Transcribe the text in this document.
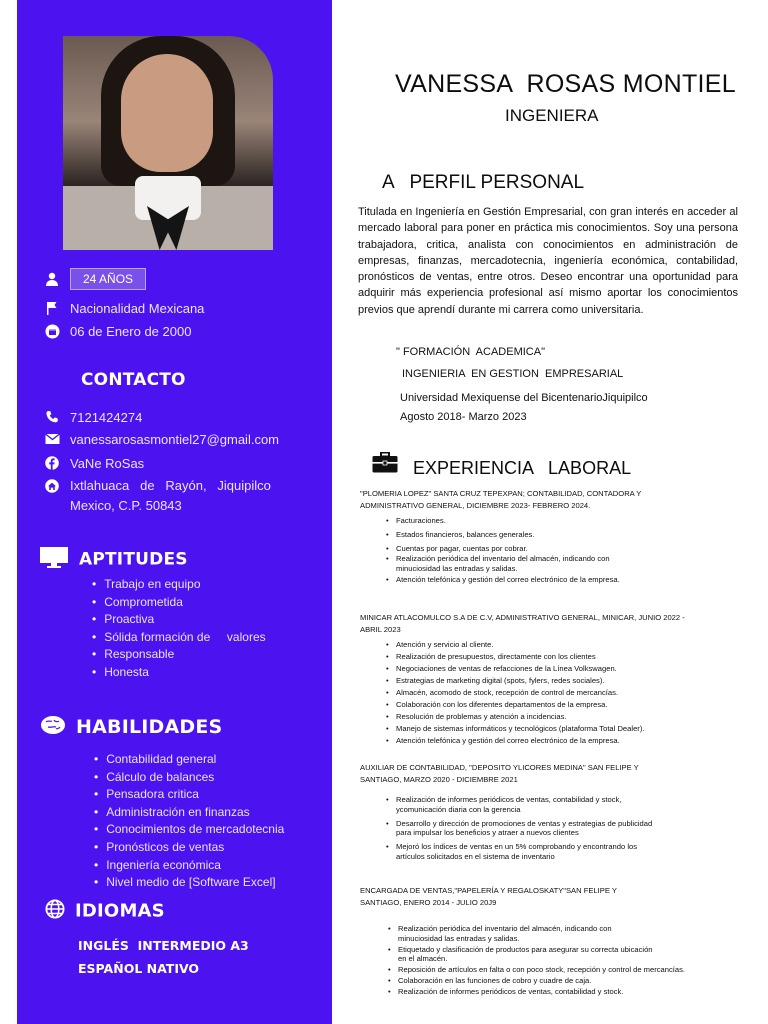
24 AÑOS
Nacionalidad Mexicana
06 de Enero de 2000
CONTACTO
7121424274
vanessarosasmontiel27@gmail.com
VaNe RoSas
Ixtlahuaca   de   Rayón,   Jiquipilco
Mexico, C.P. 50843
APTITUDES
• Trabajo en equipo
• Comprometida
• Proactiva
• Sólida formación de     valores
• Responsable
• Honesta
HABILIDADES
• Contabilidad general
• Cálculo de balances
• Pensadora critica
• Administración en finanzas
• Conocimientos de mercadotecnia
• Pronósticos de ventas
• Ingeniería económica
• Nivel medio de [Software Excel]
IDIOMAS
INGLÉS  INTERMEDIO A3
ESPAÑOL NATIVO
VANESSA  ROSAS MONTIEL
INGENIERA
A   PERFIL PERSONAL
Titulada en Ingeniería en Gestión Empresarial, con gran interés en acceder al mercado laboral para poner en práctica mis conocimientos. Soy una persona trabajadora, critica, analista con conocimientos en administración de empresas, finanzas, mercadotecnia, ingeniería económica, contabilidad, pronósticos de ventas, entre otros. Deseo encontrar una oportunidad para adquirir más experiencia profesional así mismo aportar los conocimientos previos que aprendí durante mi carrera como universitaria.
" FORMACIÓN  ACADEMICA"
INGENIERIA  EN GESTION  EMPRESARIAL
Universidad Mexiquense del BicentenarioJiquipilco
Agosto 2018- Marzo 2023
EXPERIENCIA   LABORAL
"PLOMERIA LOPEZ" SANTA CRUZ TEPEXPAN; CONTABILIDAD, CONTADORA Y ADMINISTRATIVO GENERAL, DICIEMBRE 2023- FEBRERO 2024.
• Facturaciones.
• Estados financieros, balances generales.
• Cuentas por pagar, cuentas por cobrar.
• Realización periódica del inventario del almacén, indicando con minuciosidad las entradas y salidas.
• Atención telefónica y gestión del correo electrónico de la empresa.
MINICAR ATLACOMULCO S.A DE C.V, ADMINISTRATIVO GENERAL, MINICAR, JUNIO 2022 - ABRIL 2023
• Atención y servicio al cliente.
• Realización de presupuestos, directamente con los clientes
• Negociaciones de ventas de refacciones de la Línea Volkswagen.
• Estrategias de marketing digital (spots, fylers, redes sociales).
• Almacén, acomodo de stock, recepción de control de mercancías.
• Colaboración con los diferentes departamentos de la empresa.
• Resolución de problemas y atención a incidencias.
• Manejo de sistemas informáticos y tecnológicos (plataforma Total Dealer).
• Atención telefónica y gestión del correo electrónico de la empresa.
AUXILIAR DE CONTABILIDAD, "DEPOSITO YLICORES MEDINA" SAN FELIPE Y SANTIAGO, MARZO 2020 - DICIEMBRE 2021
• Realización de informes periódicos de ventas, contabilidad y stock, ycomunicación diaria con la gerencia
• Desarrollo y dirección de promociones de ventas y estrategias de publicidad para impulsar los beneficios y atraer a nuevos clientes
• Mejoró los índices de ventas en un 5% comprobando y encontrando los artículos solicitados en el sistema de inventario
ENCARGADA DE VENTAS,"PAPELERÍA Y REGALOSKATY"SAN FELIPE Y SANTIAGO, ENERO 2014 - JULIO 20J9
• Realización periódica del inventario del almacén, indicando con minuciosidad las entradas y salidas.
• Etiquetado y clasificación de productos para asegurar su correcta ubicación en el almacén.
• Reposición de artículos en falta o con poco stock, recepción y control de mercancías.
• Colaboración en las funciones de cobro y cuadre de caja.
• Realización de informes periódicos de ventas, contabilidad y stock.
